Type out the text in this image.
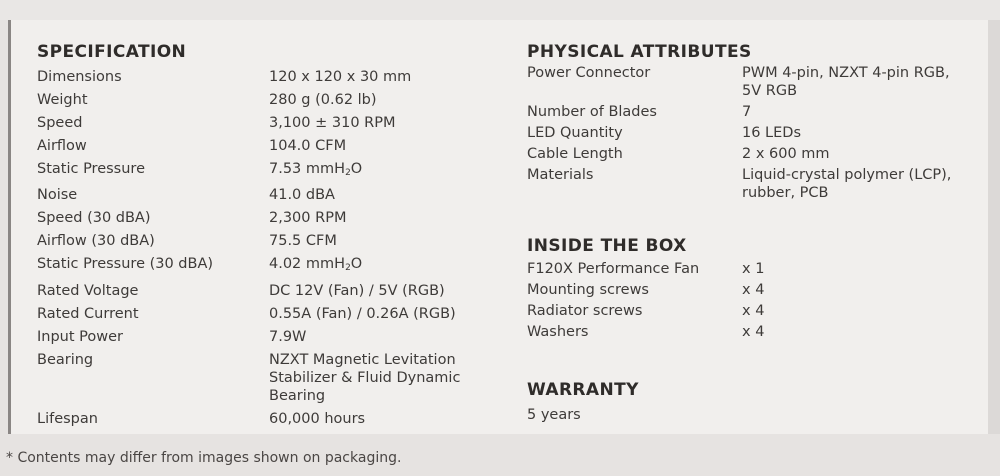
SPECIFICATION
Dimensions	120 x 120 x 30 mm
Weight	280 g (0.62 lb)
Speed	3,100 ± 310 RPM
Airflow	104.0 CFM
Static Pressure	7.53 mmH$_2$O
Noise	41.0 dBA
Speed (30 dBA)	2,300 RPM
Airflow (30 dBA)	75.5 CFM
Static Pressure (30 dBA)	4.02 mmH$_2$O
Rated Voltage	DC 12V (Fan) / 5V (RGB)
Rated Current	0.55A (Fan) / 0.26A (RGB)
Input Power	7.9W
Bearing	NZXT Magnetic Levitation
Stabilizer & Fluid Dynamic
Bearing
Lifespan	60,000 hours
PHYSICAL ATTRIBUTES
Power Connector	PWM 4-pin, NZXT 4-pin RGB,
5V RGB
Number of Blades	7
LED Quantity	16 LEDs
Cable Length	2 x 600 mm
Materials	Liquid-crystal polymer (LCP),
rubber, PCB
INSIDE THE BOX
F120X Performance Fan	x 1
Mounting screws	x 4
Radiator screws	x 4
Washers	x 4
WARRANTY
5 years
* Contents may differ from images shown on packaging.
